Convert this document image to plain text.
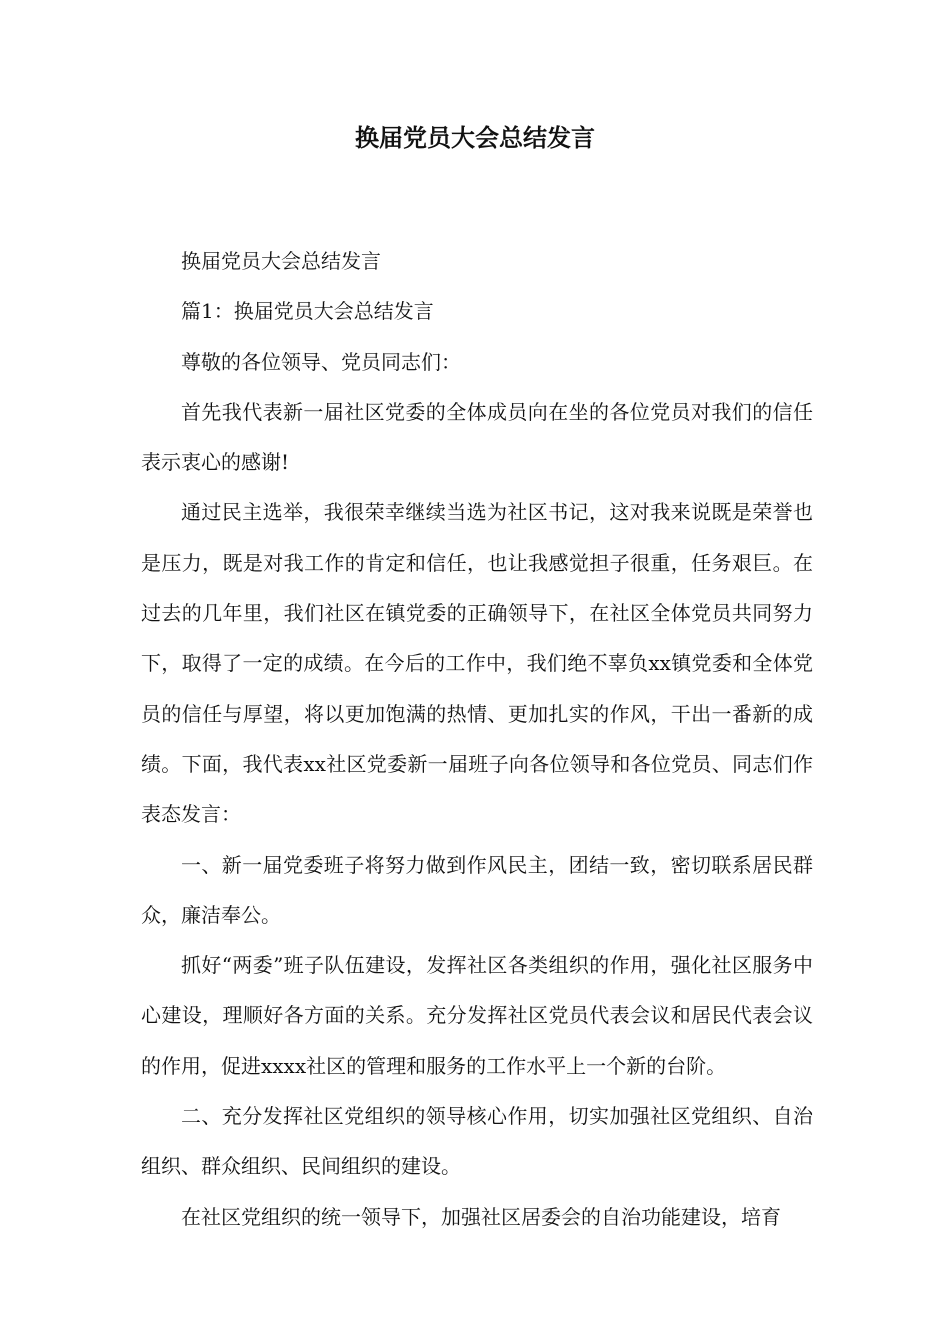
换届党员大会总结发言

换届党员大会总结发言

篇1：换届党员大会总结发言

尊敬的各位领导、党员同志们：

首先我代表新一届社区党委的全体成员向在坐的各位党员对我们的信任表示衷心的感谢!

通过民主选举，我很荣幸继续当选为社区书记，这对我来说既是荣誉也是压力，既是对我工作的肯定和信任，也让我感觉担子很重，任务艰巨。在过去的几年里，我们社区在镇党委的正确领导下，在社区全体党员共同努力下，取得了一定的成绩。在今后的工作中，我们绝不辜负xx镇党委和全体党员的信任与厚望，将以更加饱满的热情、更加扎实的作风，干出一番新的成绩。下面，我代表xx社区党委新一届班子向各位领导和各位党员、同志们作表态发言：

一、新一届党委班子将努力做到作风民主，团结一致，密切联系居民群众，廉洁奉公。

抓好“两委”班子队伍建设，发挥社区各类组织的作用，强化社区服务中心建设，理顺好各方面的关系。充分发挥社区党员代表会议和居民代表会议的作用，促进xxxx社区的管理和服务的工作水平上一个新的台阶。

二、充分发挥社区党组织的领导核心作用，切实加强社区党组织、自治组织、群众组织、民间组织的建设。

在社区党组织的统一领导下，加强社区居委会的自治功能建设，培育
